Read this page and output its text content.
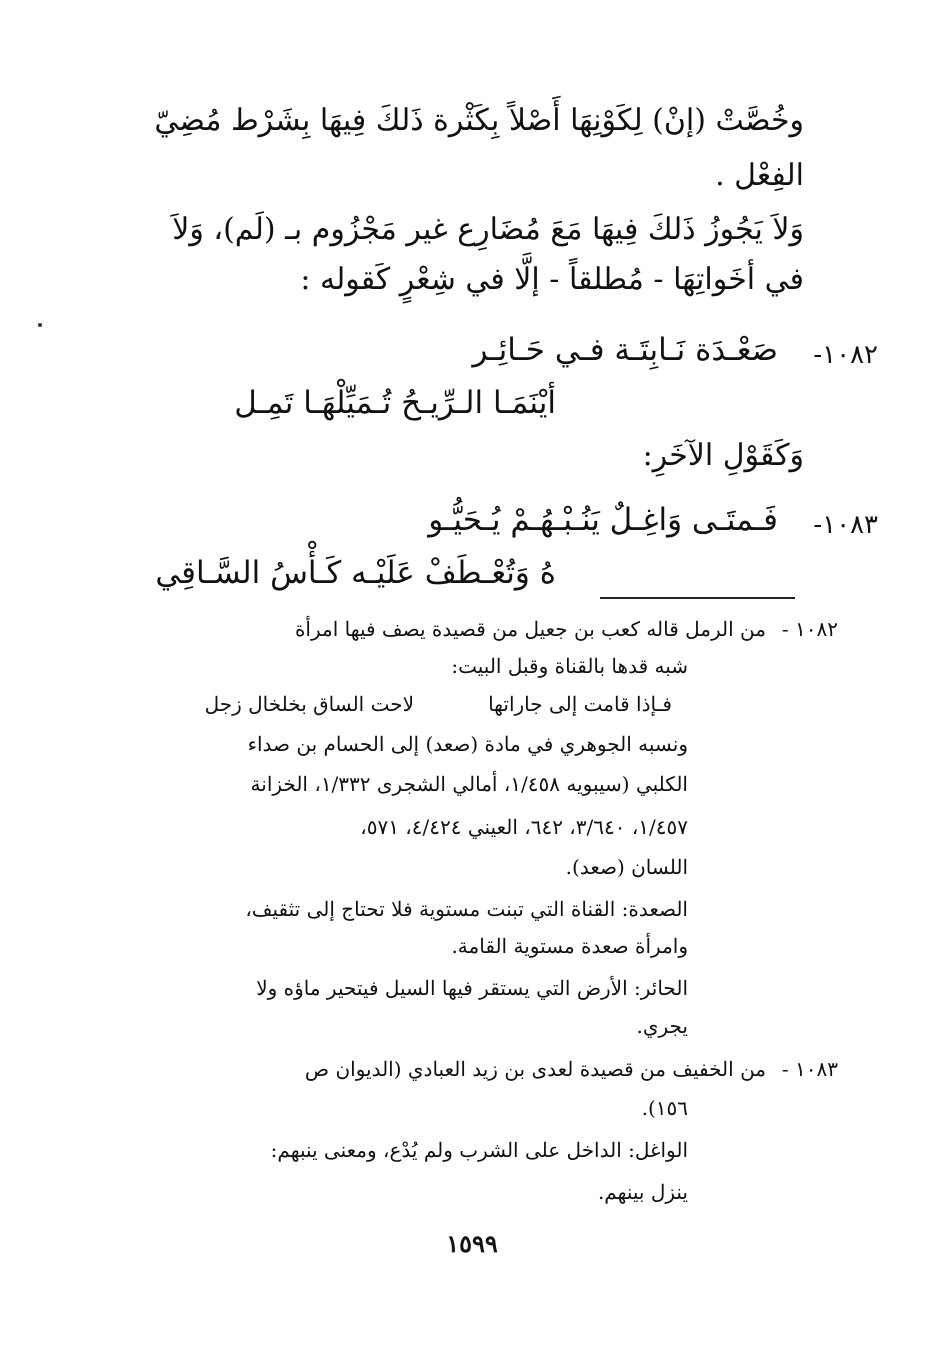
وخُصَّتْ (إنْ) لِكَوْنِهَا أَصْلاً بِكَثْرة ذَلكَ فِيهَا بِشَرْط مُضِيّ
الفِعْل .
وَلاَ يَجُوزُ ذَلكَ فِيهَا مَعَ مُضَارِع غير مَجْزُوم بـ (لَم)، وَلاَ
في أخَواتِهَا - مُطلقاً - إلَّا في شِعْرٍ كَقوله :
١٠٨٢-
صَعْـدَة نَـابِتَـة فـي حَـائِـر
أيْنَمَـا الـرِّيـحُ تُـمَيِّلْهَـا تَمِـل
وَكَقَوْلِ الآخَرِ:
١٠٨٣-
فَـمتَـى وَاغِـلٌ يَنُـبْـهُـمْ يُـحَيُّـو
هُ وَتُعْـطَفْ عَلَيْـه كَـأْسُ السَّـاقِي
١٠٨٢ -
من الرمل قاله كعب بن جعيل من قصيدة يصف فيها امرأة
شبه قدها بالقناة وقبل البيت:
فـإذا قامت إلى جاراتها
لاحت الساق بخلخال زجل
ونسبه الجوهري في مادة (صعد) إلى الحسام بن صداء
الكلبي (سيبويه ١/٤٥٨، أمالي الشجرى ١/٣٣٢، الخزانة
١/٤٥٧، ٣/٦٤٠، ٦٤٢، العيني ٤/٤٢٤، ٥٧١،
اللسان (صعد).
الصعدة: القناة التي تبنت مستوية فلا تحتاج إلى تثقيف،
وامرأة صعدة مستوية القامة.
الحائر: الأرض التي يستقر فيها السيل فيتحير ماؤه ولا
يجري.
١٠٨٣ -
من الخفيف من قصيدة لعدى بن زيد العبادي (الديوان ص
١٥٦).
الواغل: الداخل على الشرب ولم يُدْع، ومعنى ينبهم:
ينزل بينهم.
١٥٩٩
